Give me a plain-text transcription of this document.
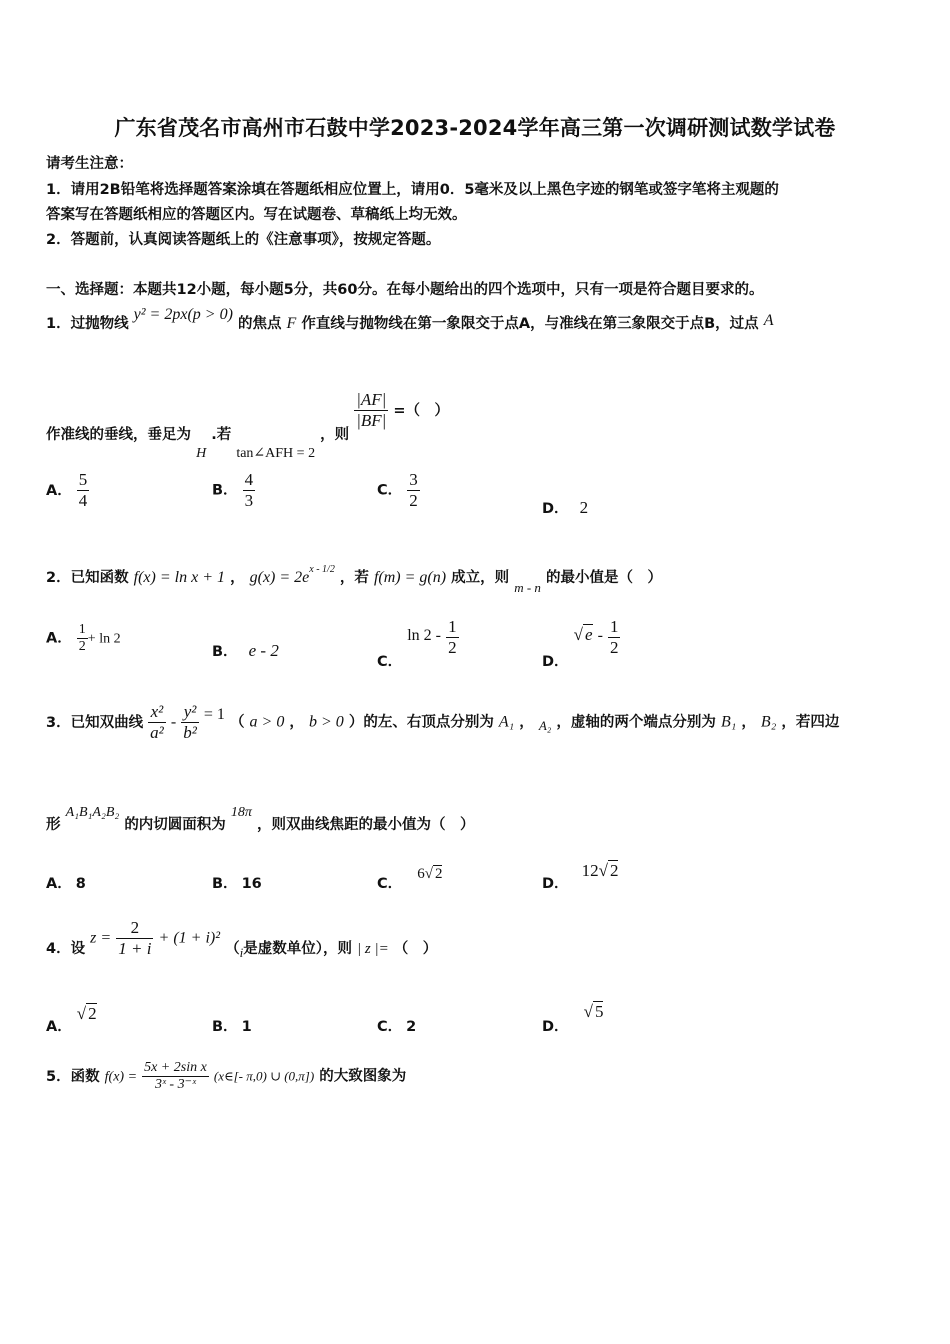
广东省茂名市高州市石鼓中学2023-2024学年高三第一次调研测试数学试卷
请考生注意：
1．请用2B铅笔将选择题答案涂填在答题纸相应位置上，请用0．5毫米及以上黑色字迹的钢笔或签字笔将主观题的
答案写在答题纸相应的答题区内。写在试题卷、草稿纸上均无效。
2．答题前，认真阅读答题纸上的《注意事项》，按规定答题。
一、选择题：本题共12小题，每小题5分，共60分。在每小题给出的四个选项中，只有一项是符合题目要求的。
1．过抛物线 y² = 2px(p > 0) 的焦点 F 作直线与抛物线在第一象限交于点A，与准线在第三象限交于点B，过点 A
作准线的垂线，垂足为 H .若 tan∠AFH = 2 ，则
$\frac{|AF|}{|BF|}$ =（　）
A． $\frac{5}{4}$	B． $\frac{4}{3}$	C． $\frac{3}{2}$	D． 2
2．已知函数 f(x) = ln x + 1 ， $g(x) = 2e^{x - 1/2}$ ，若 f(m) = g(n) 成立，则 m - n 的最小值是（　）
A． $\frac{1}{2} + \ln 2$
B． e - 2
C． $\ln 2 - \frac{1}{2}$
D． √ e - $\frac{1}{2}$
3．已知双曲线 $\frac{\text{x²}}{\text{a²}} - \frac{\text{y²}}{\text{b²}} = 1$ （ a > 0 ， b > 0 ）的左、右顶点分别为 A₁ ， A₂ ，虚轴的两个端点分别为 B₁ ， B₂ ，若四边
形 A₁B₁A₂B₂ 的内切圆面积为 18π ，则双曲线焦距的最小值为（　）
A． 8	B． 16	C． 6√ 2
D． 12√ 2
4．设 $z = \frac{2}{1 + i} + (1 + i)^2$ （i是虚数单位），则 | z |= （　）
A． √ 2
B． 1	C． 2	D． √ 5
5．函数 $f(x) = \frac{\text{5x + 2sin x}}{\text{3ˣ - 3⁻ˣ}}$ (x∈[- π,0) ∪ (0,π]) 的大致图象为
